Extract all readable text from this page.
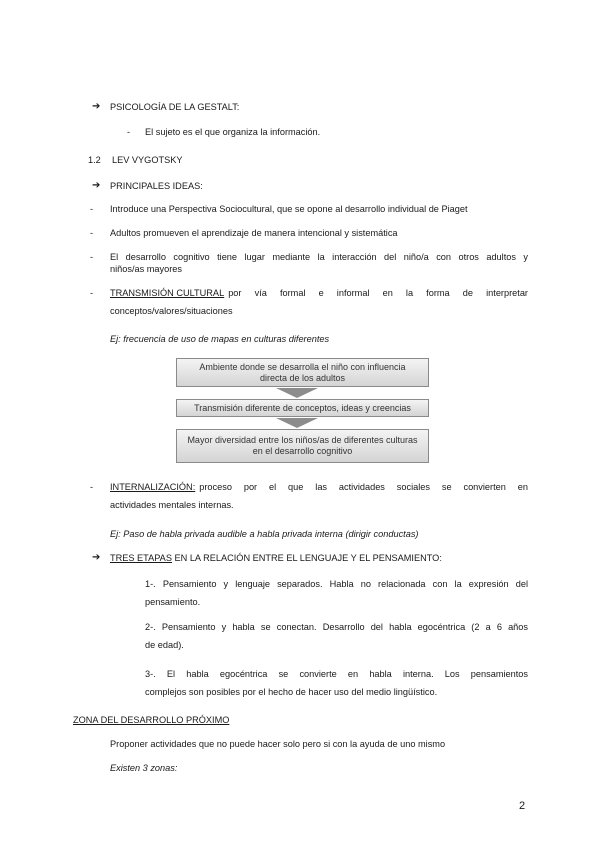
➔ PSICOLOGÍA DE LA GESTALT:
- El sujeto es el que organiza la información.
1.2 LEV VYGOTSKY
➔ PRINCIPALES IDEAS:
- Introduce una Perspectiva Sociocultural, que se opone al desarrollo individual de Piaget
- Adultos promueven el aprendizaje de manera intencional y sistemática
- El desarrollo cognitivo tiene lugar mediante la interacción del niño/a con otros adultos y
niños/as mayores
- TRANSMISIÓN CULTURAL por vía formal e informal en la forma de interpretar
conceptos/valores/situaciones
Ej: frecuencia de uso de mapas en culturas diferentes
Ambiente donde se desarrolla el niño con influencia
directa de los adultos
Transmisión diferente de conceptos, ideas y creencias
Mayor diversidad entre los niños/as de diferentes culturas
en el desarrollo cognitivo
- INTERNALIZACIÓN: proceso por el que las actividades sociales se convierten en
actividades mentales internas.
Ej: Paso de habla privada audible a habla privada interna (dirigir conductas)
➔ TRES ETAPAS EN LA RELACIÓN ENTRE EL LENGUAJE Y EL PENSAMIENTO:
1-. Pensamiento y lenguaje separados. Habla no relacionada con la expresión del
pensamiento.
2-. Pensamiento y habla se conectan. Desarrollo del habla egocéntrica (2 a 6 años
de edad).
3-. El habla egocéntrica se convierte en habla interna. Los pensamientos
complejos son posibles por el hecho de hacer uso del medio lingüístico.
ZONA DEL DESARROLLO PRÓXIMO
Proponer actividades que no puede hacer solo pero si con la ayuda de uno mismo
Existen 3 zonas:
2
